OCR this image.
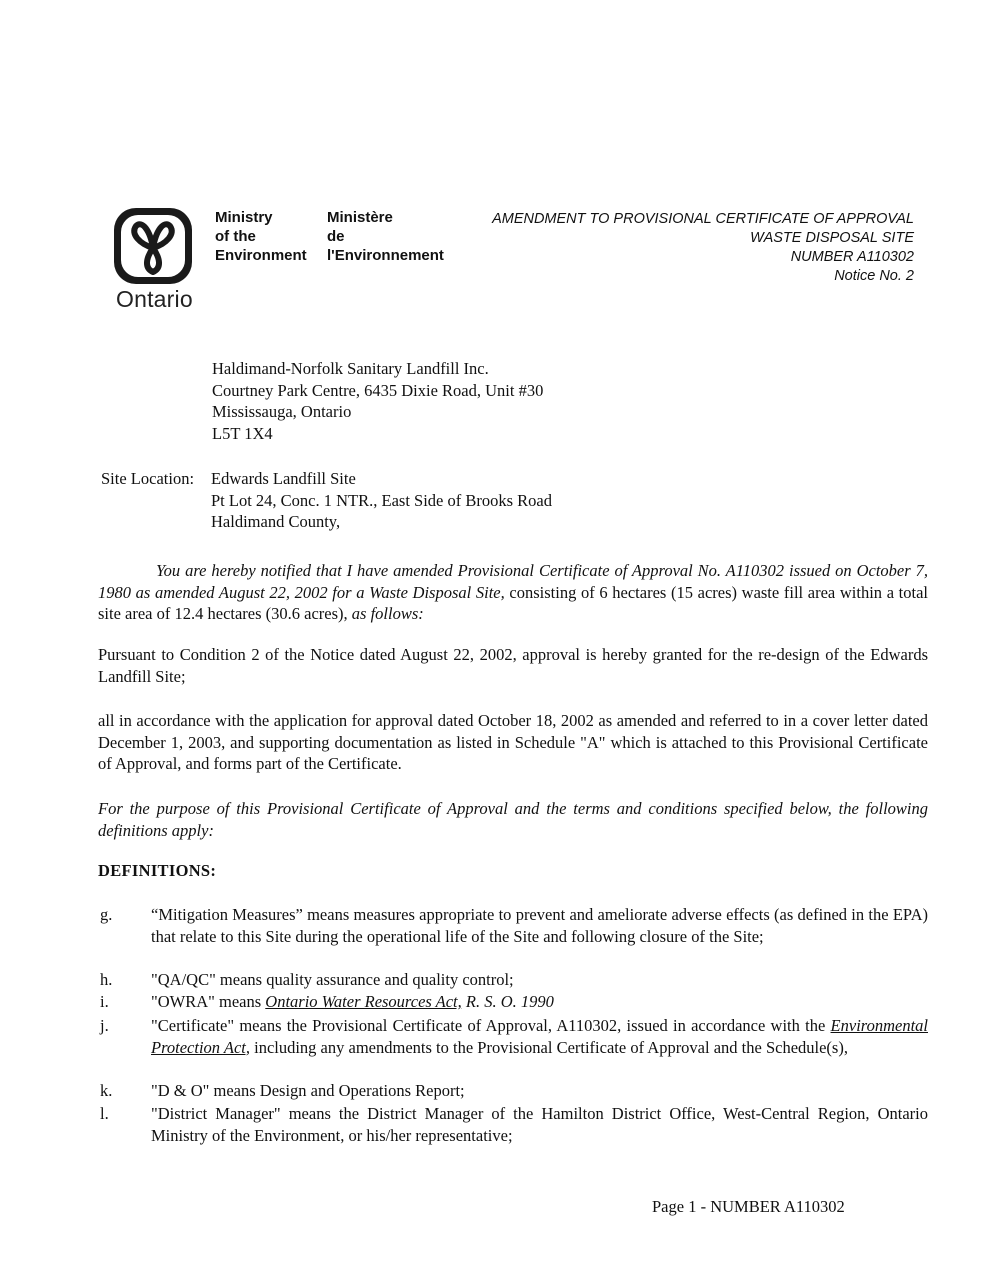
Ontario
Ministry
of the
Environment
Ministère
de
l'Environnement
AMENDMENT TO PROVISIONAL CERTIFICATE OF APPROVAL
WASTE DISPOSAL SITE
NUMBER A110302
Notice No. 2
Haldimand-Norfolk Sanitary Landfill Inc.
Courtney Park Centre, 6435 Dixie Road, Unit #30
Mississauga, Ontario
L5T 1X4
Site Location: Edwards Landfill Site
Pt Lot 24, Conc. 1 NTR., East Side of Brooks Road
Haldimand County,
You are hereby notified that I have amended Provisional Certificate of Approval No. A110302 issued on October 7, 1980 as amended August 22, 2002 for a Waste Disposal Site, consisting of 6 hectares (15 acres) waste fill area within a total site area of 12.4 hectares (30.6 acres), as follows:
Pursuant to Condition 2 of the Notice dated August 22, 2002, approval is hereby granted for the re-design of the Edwards Landfill Site;
all in accordance with the application for approval dated October 18, 2002 as amended and referred to in a cover letter dated December 1, 2003, and supporting documentation as listed in Schedule "A" which is attached to this Provisional Certificate of Approval, and forms part of the Certificate.
For the purpose of this Provisional Certificate of Approval and the terms and conditions specified below, the following definitions apply:
DEFINITIONS:
g.	“Mitigation Measures” means measures appropriate to prevent and ameliorate adverse effects (as defined in the EPA) that relate to this Site during the operational life of the Site and following closure of the Site;
h.	"QA/QC" means quality assurance and quality control;
i.	"OWRA" means Ontario Water Resources Act, R. S. O. 1990
j.	"Certificate" means the Provisional Certificate of Approval, A110302, issued in accordance with the Environmental Protection Act, including any amendments to the Provisional Certificate of Approval and the Schedule(s),
k.	"D & O" means Design and Operations Report;
l.	"District Manager" means the District Manager of the Hamilton District Office, West-Central Region, Ontario Ministry of the Environment, or his/her representative;
Page 1 - NUMBER A110302
